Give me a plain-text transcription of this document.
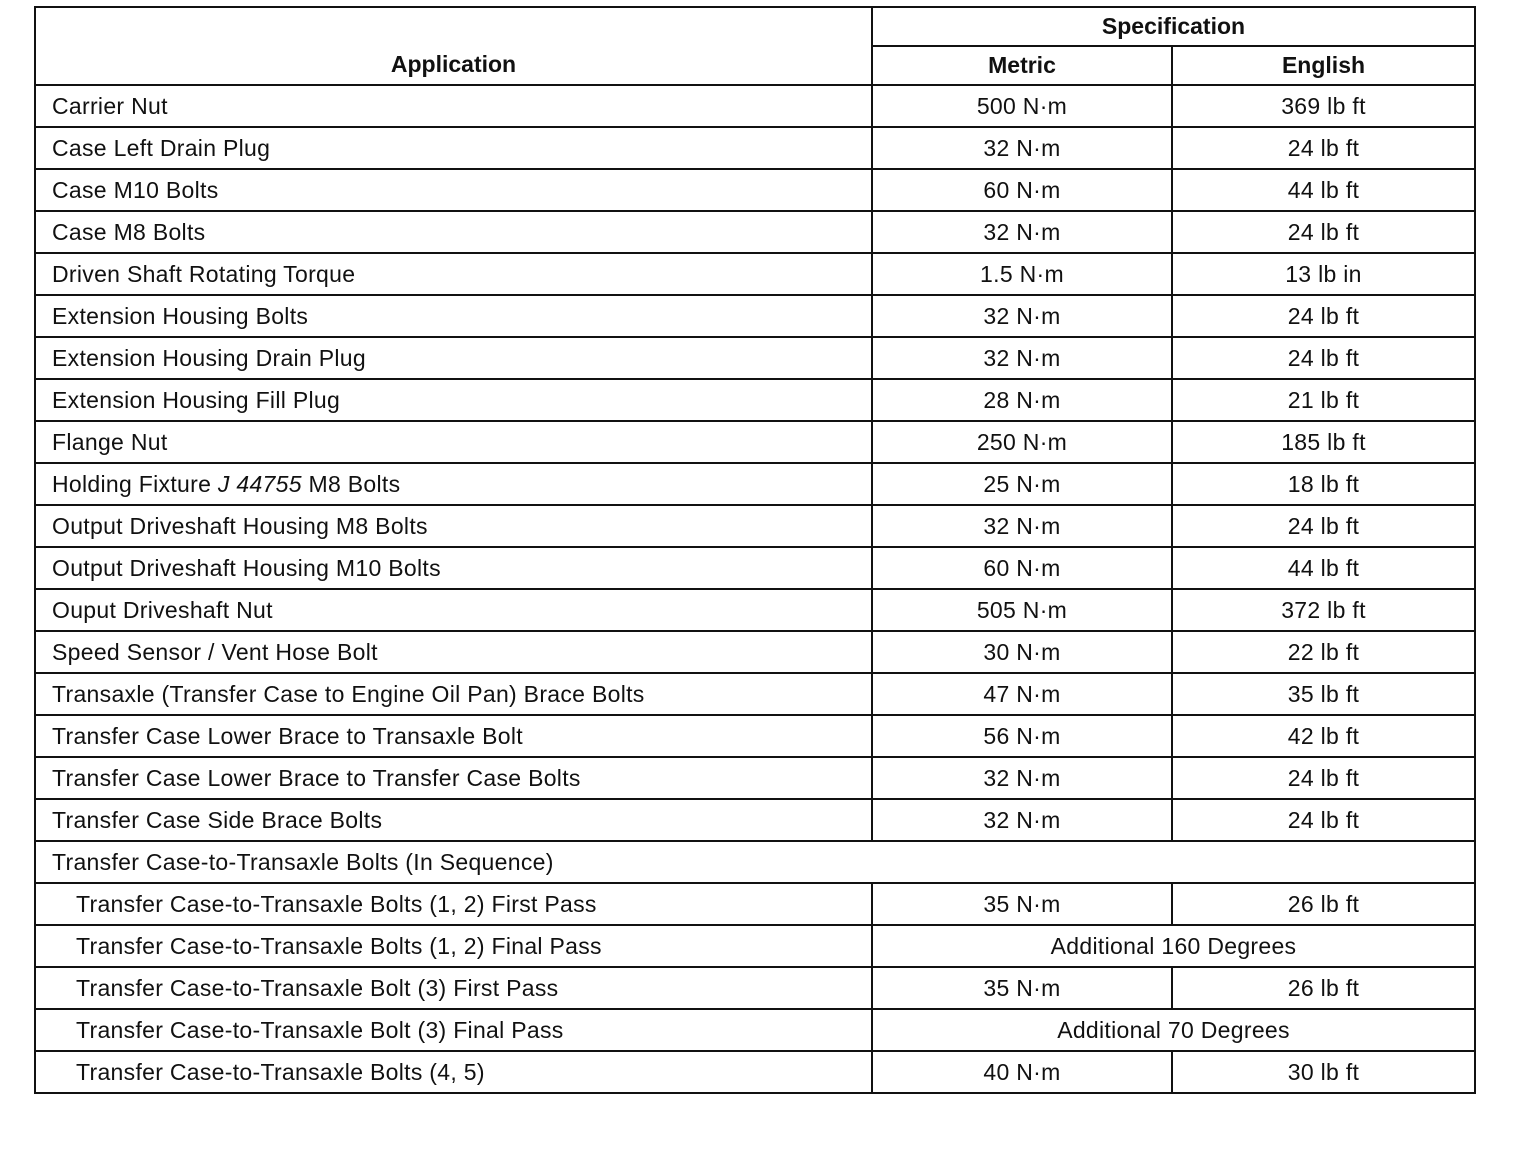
Application	Specification	
	Metric	English
Carrier Nut	500 N·m	369 lb ft
Case Left Drain Plug	32 N·m	24 lb ft
Case M10 Bolts	60 N·m	44 lb ft
Case M8 Bolts	32 N·m	24 lb ft
Driven Shaft Rotating Torque	1.5 N·m	13 lb in
Extension Housing Bolts	32 N·m	24 lb ft
Extension Housing Drain Plug	32 N·m	24 lb ft
Extension Housing Fill Plug	28 N·m	21 lb ft
Flange Nut	250 N·m	185 lb ft
Holding Fixture J 44755 M8 Bolts	25 N·m	18 lb ft
Output Driveshaft Housing M8 Bolts	32 N·m	24 lb ft
Output Driveshaft Housing M10 Bolts	60 N·m	44 lb ft
Ouput Driveshaft Nut	505 N·m	372 lb ft
Speed Sensor / Vent Hose Bolt	30 N·m	22 lb ft
Transaxle (Transfer Case to Engine Oil Pan) Brace Bolts	47 N·m	35 lb ft
Transfer Case Lower Brace to Transaxle Bolt	56 N·m	42 lb ft
Transfer Case Lower Brace to Transfer Case Bolts	32 N·m	24 lb ft
Transfer Case Side Brace Bolts	32 N·m	24 lb ft
Transfer Case-to-Transaxle Bolts (In Sequence)		
Transfer Case-to-Transaxle Bolts (1, 2) First Pass	35 N·m	26 lb ft
Transfer Case-to-Transaxle Bolts (1, 2) Final Pass	Additional 160 Degrees	
Transfer Case-to-Transaxle Bolt (3) First Pass	35 N·m	26 lb ft
Transfer Case-to-Transaxle Bolt (3) Final Pass	Additional 70 Degrees	
Transfer Case-to-Transaxle Bolts (4, 5)	40 N·m	30 lb ft
